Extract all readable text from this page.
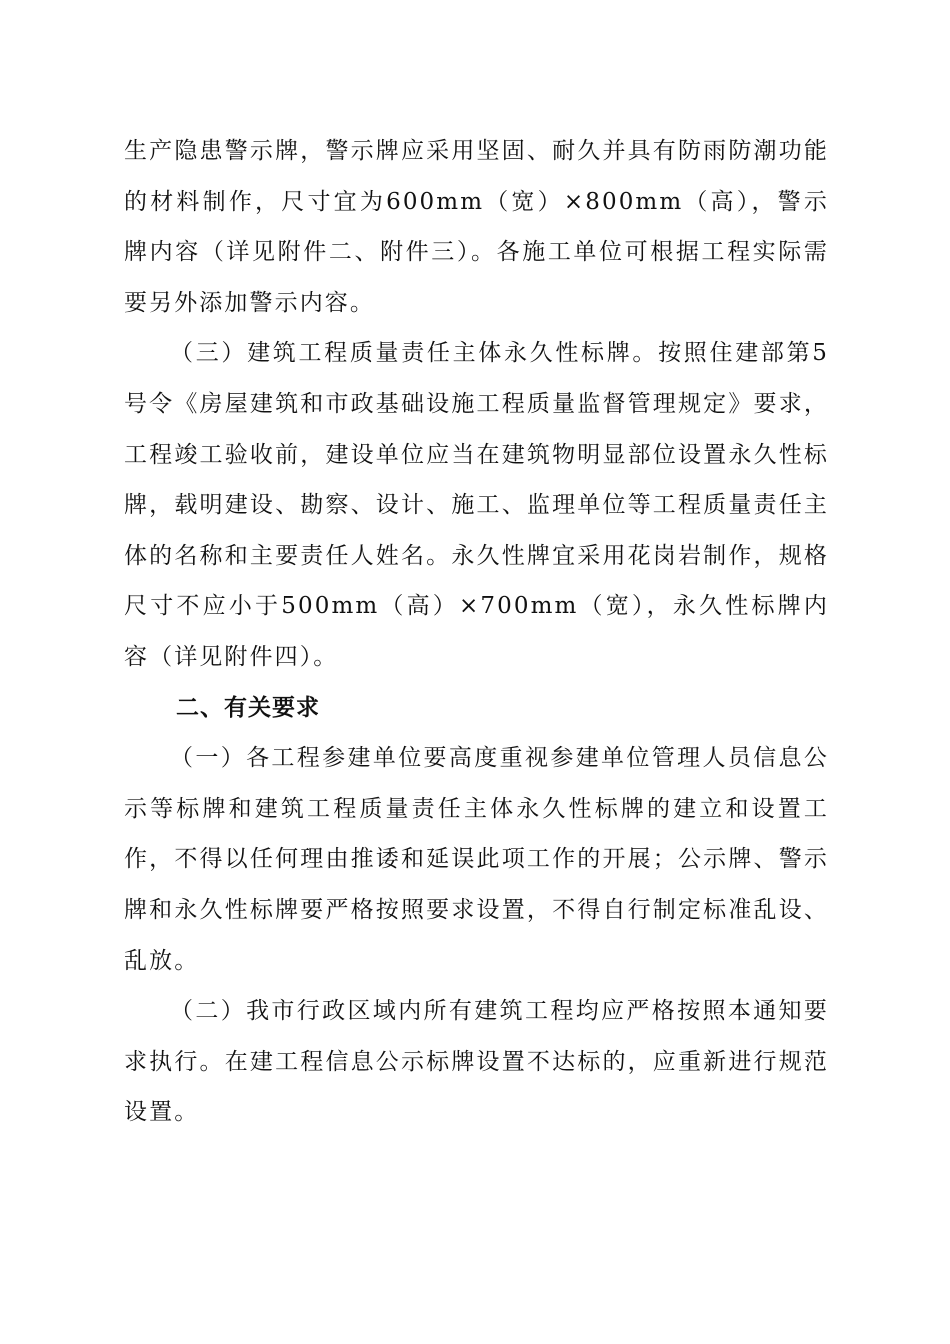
生产隐患警示牌，警示牌应采用坚固、耐久并具有防雨防潮功能的材料制作，尺寸宜为600mm（宽）×800mm（高），警示牌内容（详见附件二、附件三）。各施工单位可根据工程实际需要另外添加警示内容。

（三）建筑工程质量责任主体永久性标牌。按照住建部第5号令《房屋建筑和市政基础设施工程质量监督管理规定》要求，工程竣工验收前，建设单位应当在建筑物明显部位设置永久性标牌，载明建设、勘察、设计、施工、监理单位等工程质量责任主体的名称和主要责任人姓名。永久性牌宜采用花岗岩制作，规格尺寸不应小于500mm（高）×700mm（宽），永久性标牌内容（详见附件四）。

二、有关要求

（一）各工程参建单位要高度重视参建单位管理人员信息公示等标牌和建筑工程质量责任主体永久性标牌的建立和设置工作，不得以任何理由推诿和延误此项工作的开展；公示牌、警示牌和永久性标牌要严格按照要求设置，不得自行制定标准乱设、乱放。

（二）我市行政区域内所有建筑工程均应严格按照本通知要求执行。在建工程信息公示标牌设置不达标的，应重新进行规范设置。
